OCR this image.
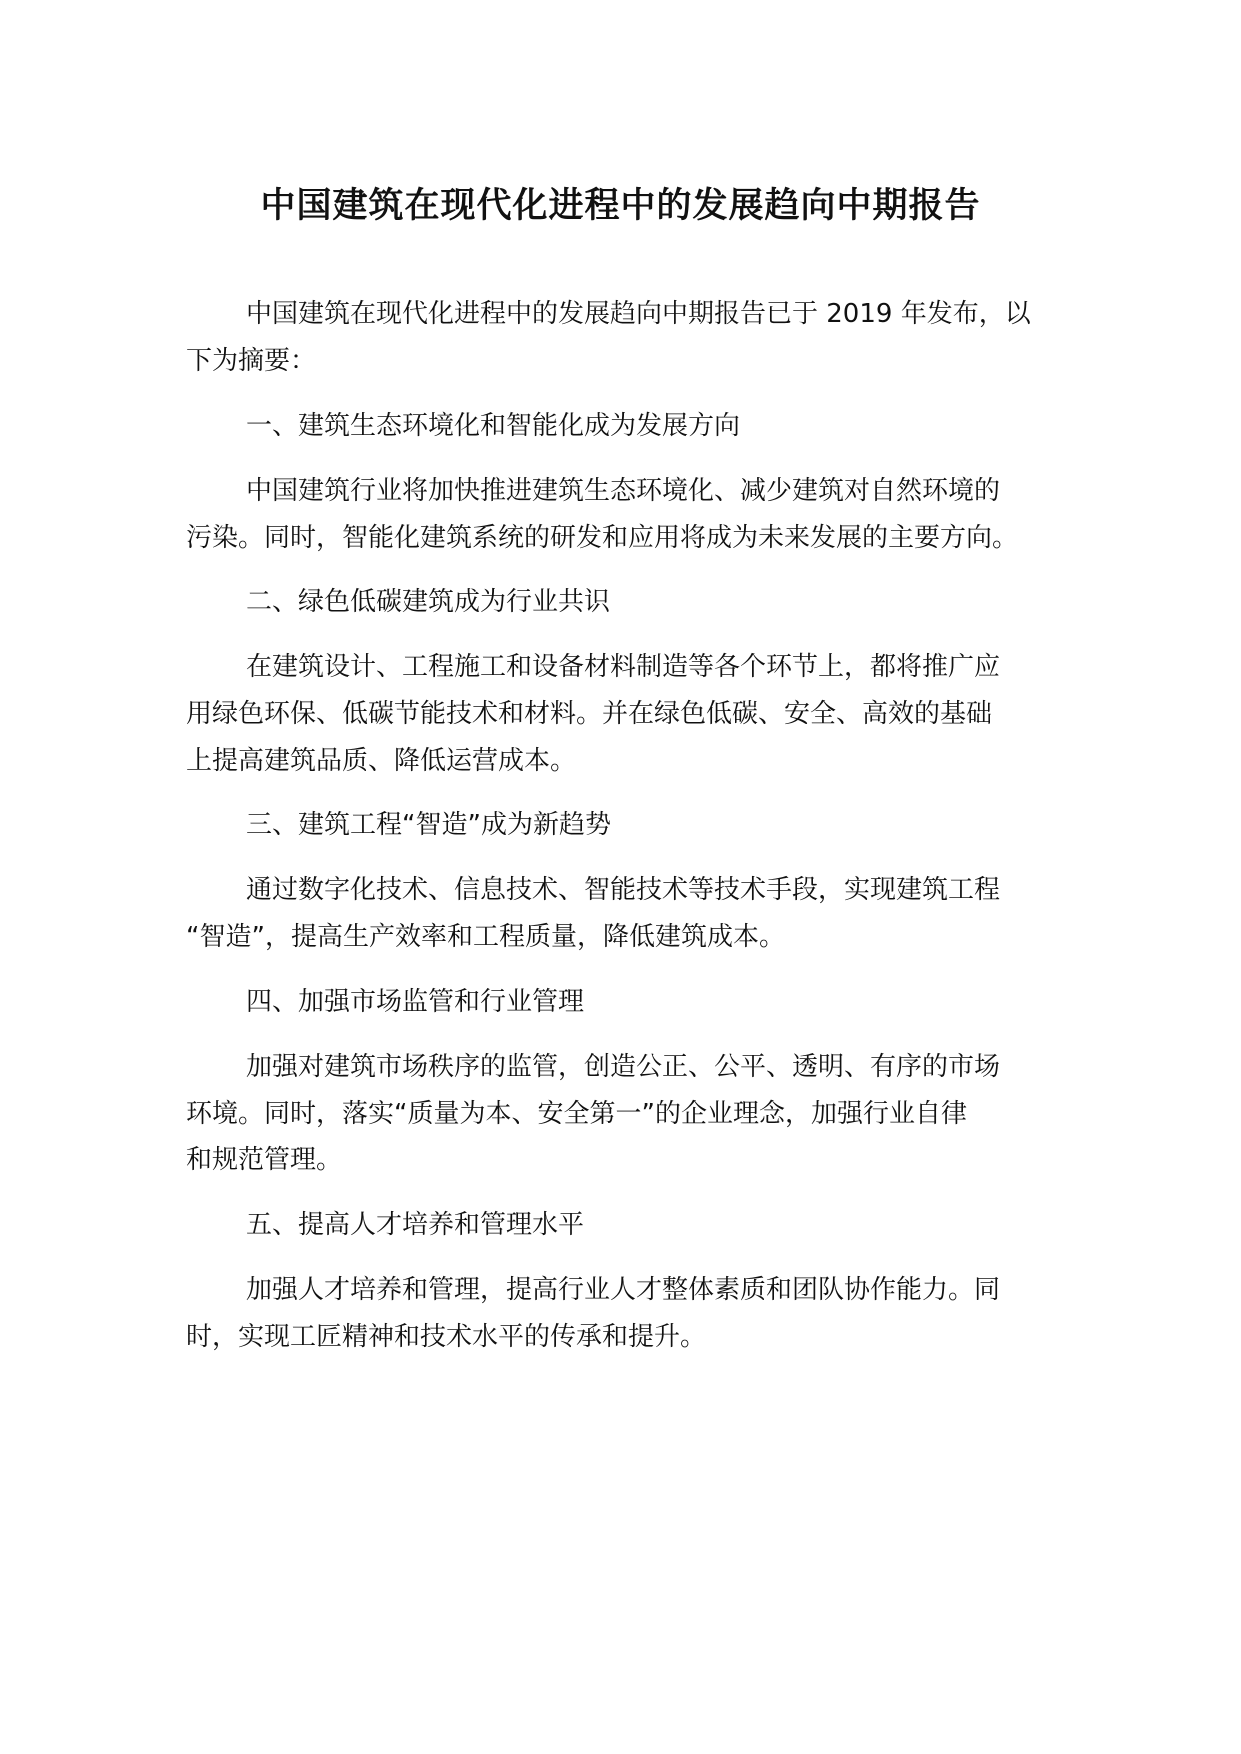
中国建筑在现代化进程中的发展趋向中期报告
中国建筑在现代化进程中的发展趋向中期报告已于 2019 年发布，以
下为摘要：
一、建筑生态环境化和智能化成为发展方向
中国建筑行业将加快推进建筑生态环境化、减少建筑对自然环境的
污染。同时，智能化建筑系统的研发和应用将成为未来发展的主要方向。
二、绿色低碳建筑成为行业共识
在建筑设计、工程施工和设备材料制造等各个环节上，都将推广应
用绿色环保、低碳节能技术和材料。并在绿色低碳、安全、高效的基础
上提高建筑品质、降低运营成本。
三、建筑工程“智造”成为新趋势
通过数字化技术、信息技术、智能技术等技术手段，实现建筑工程
“智造”，提高生产效率和工程质量，降低建筑成本。
四、加强市场监管和行业管理
加强对建筑市场秩序的监管，创造公正、公平、透明、有序的市场
环境。同时，落实“质量为本、安全第一”的企业理念，加强行业自律
和规范管理。
五、提高人才培养和管理水平
加强人才培养和管理，提高行业人才整体素质和团队协作能力。同
时，实现工匠精神和技术水平的传承和提升。
